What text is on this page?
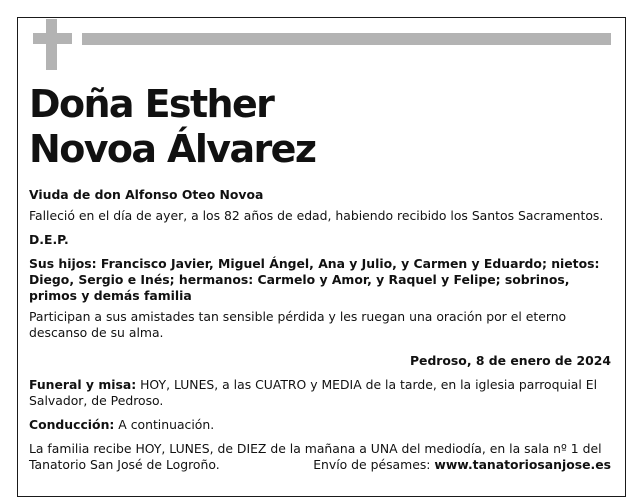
Doña Esther
Novoa Álvarez

Viuda de don Alfonso Oteo Novoa

Falleció en el día de ayer, a los 82 años de edad, habiendo recibido los Santos Sacramentos.

D.E.P.

Sus hijos: Francisco Javier, Miguel Ángel, Ana y Julio, y Carmen y Eduardo; nietos: Diego, Sergio e Inés; hermanos: Carmelo y Amor, y Raquel y Felipe; sobrinos, primos y demás familia

Participan a sus amistades tan sensible pérdida y les ruegan una oración por el eterno descanso de su alma.

Pedroso, 8 de enero de 2024

Funeral y misa: HOY, LUNES, a las CUATRO y MEDIA de la tarde, en la iglesia parroquial El Salvador, de Pedroso.

Conducción: A continuación.

La familia recibe HOY, LUNES, de DIEZ de la mañana a UNA del mediodía, en la sala nº 1 del Tanatorio San José de Logroño.	Envío de pésames: www.tanatoriosanjose.es
